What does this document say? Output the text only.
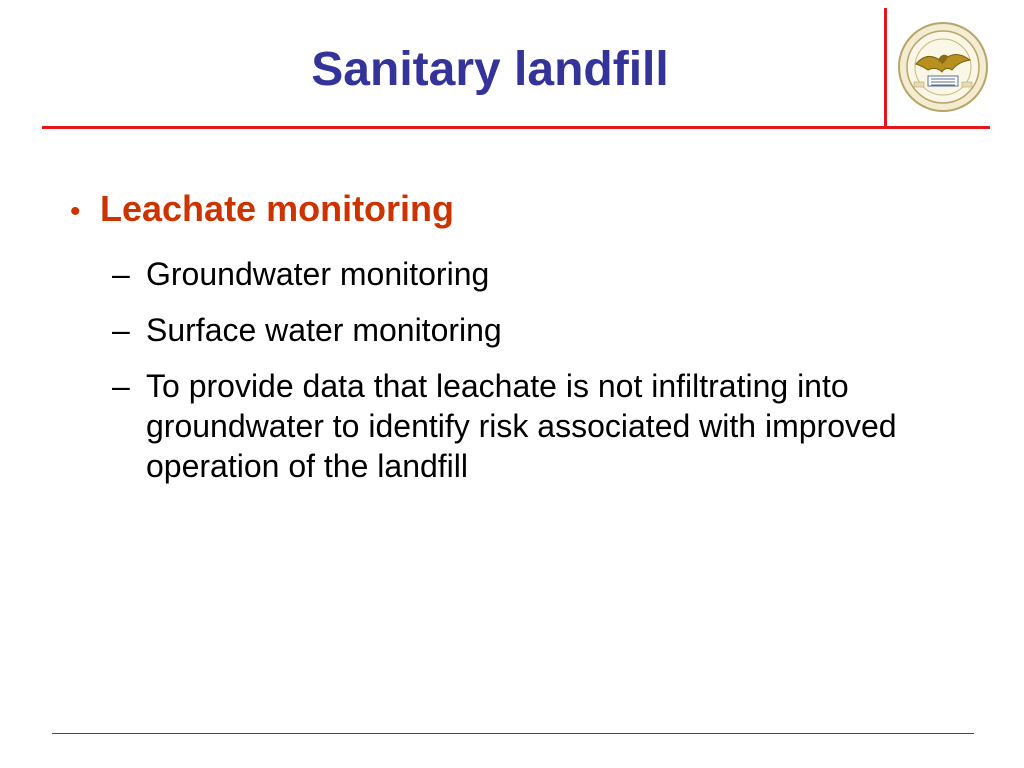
Sanitary landfill
• Leachate monitoring
– Groundwater monitoring
– Surface water monitoring
– To provide data that leachate is not infiltrating into groundwater to identify risk associated with improved operation of the landfill
